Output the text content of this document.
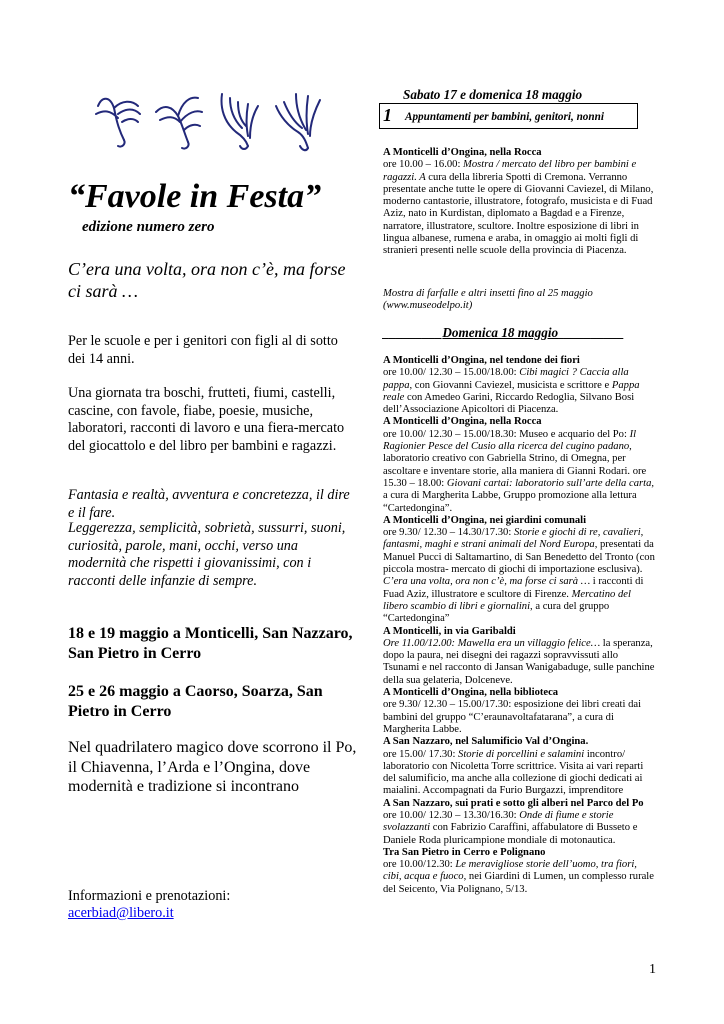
“Favole in Festa”
edizione numero zero
C’era una volta, ora non c’è, ma forse ci sarà …

Per le scuole e per i genitori con figli al di sotto dei 14 anni.

Una giornata tra boschi, frutteti, fiumi, castelli, cascine, con favole, fiabe, poesie, musiche, laboratori, racconti di lavoro e una fiera-mercato del giocattolo e del libro per bambini e ragazzi.

Fantasia e realtà, avventura e concretezza, il dire e il fare.

Leggerezza, semplicità, sobrietà, sussurri, suoni, curiosità, parole, mani, occhi, verso una modernità che rispetti i giovanissimi, con i racconti delle infanzie di sempre.

18 e 19 maggio a Monticelli, San Nazzaro, San Pietro in Cerro

25 e 26 maggio a Caorso, Soarza, San Pietro in Cerro

Nel quadrilatero magico dove scorrono il Po, il Chiavenna, l’Arda e l’Ongina, dove modernità e tradizione si incontrano

Informazioni e prenotazioni:
acerbiad@libero.it
Sabato 17 e domenica 18 maggio
1 Appuntamenti per bambini, genitori, nonni

A Monticelli d’Ongina, nella Rocca
ore 10.00 – 16.00: Mostra / mercato del libro per bambini e ragazzi. A cura della libreria Spotti di Cremona. Verranno presentate anche tutte le opere di Giovanni Caviezel, di Milano, moderno cantastorie, illustratore, fotografo, musicista e di Fuad Aziz, nato in Kurdistan, diplomato a Bagdad e a Firenze, narratore, illustratore, scultore. Inoltre esposizione di libri in lingua albanese, rumena e araba, in omaggio ai molti figli di stranieri presenti nelle scuole della provincia di Piacenza.

Mostra di farfalle e altri insetti fino al 25 maggio (www.museodelpo.it)

_________Domenica 18 maggio__________

A Monticelli d’Ongina, nel tendone dei fiori
ore 10.00/ 12.30 – 15.00/18.00: Cibi magici ? Caccia alla pappa, con Giovanni Caviezel, musicista e scrittore e Pappa reale con Amedeo Garini, Riccardo Redoglia, Silvano Bosi dell’Associazione Apicoltori di Piacenza.

A Monticelli d’Ongina, nella Rocca
ore 10.00/ 12.30 – 15.00/18.30: Museo e acquario del Po: Il Ragionier Pesce del Cusio alla ricerca del cugino padano, laboratorio creativo con Gabriella Strino, di Omegna, per ascoltare e inventare storie, alla maniera di Gianni Rodari. ore 15.30 – 18.00: Giovani cartai: laboratorio sull’arte della carta, a cura di Margherita Labbe, Gruppo promozione alla lettura “Cartedongina”.

A Monticelli d’Ongina, nei giardini comunali
ore 9.30/ 12.30 – 14.30/17.30: Storie e giochi di re, cavalieri, fantasmi, maghi e strani animali del Nord Europa, presentati da Manuel Pucci di Saltamartino, di San Benedetto del Tronto (con piccola mostra- mercato di giochi di importazione esclusiva). C’era una volta, ora non c’è, ma forse ci sarà … i racconti di Fuad Aziz, illustratore e scultore di Firenze. Mercatino del libero scambio di libri e giornalini, a cura del gruppo “Cartedongina”

A Monticelli, in via Garibaldi
Ore 11.00/12.00: Mawella era un villaggio felice… la speranza, dopo la paura, nei disegni dei ragazzi sopravvissuti allo Tsunami e nel racconto di Jansan Wanigabaduge, sulle panchine della sua gelateria, Dolceneve.

A Monticelli d’Ongina, nella biblioteca
ore 9.30/ 12.30 – 15.00/17.30: esposizione dei libri creati dai bambini del gruppo “C’eraunavoltafatarana”, a cura di Margherita Labbe.

A San Nazzaro, nel Salumificio Val d’Ongina.
ore 15.00/ 17.30: Storie di porcellini e salamini incontro/ laboratorio con Nicoletta Torre scrittrice. Visita ai vari reparti del salumificio, ma anche alla collezione di giochi dedicati ai maialini. Accompagnati da Furio Burgazzi, imprenditore

A San Nazzaro, sui prati e sotto gli alberi nel Parco del Po
ore 10.00/ 12.30 – 13.30/16.30: Onde di fiume e storie svolazzanti con Fabrizio Caraffini, affabulatore di Busseto e Daniele Roda pluricampione mondiale di motonautica.

Tra San Pietro in Cerro e Polignano
ore 10.00/12.30: Le meravigliose storie dell’uomo, tra fiori, cibi, acqua e fuoco, nei Giardini di Lumen, un complesso rurale del Seicento, Via Polignano, 5/13.

1
